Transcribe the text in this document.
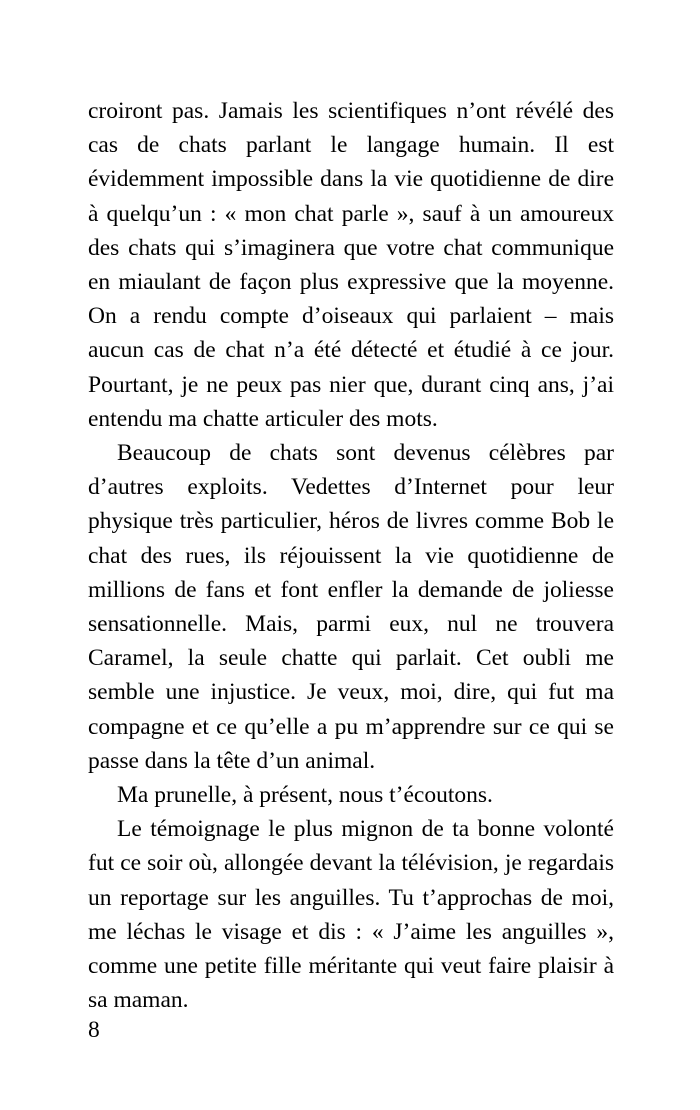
croiront pas. Jamais les scientifiques n’ont révélé des cas de chats parlant le langage humain. Il est évidemment impossible dans la vie quotidienne de dire à quelqu’un : « mon chat parle », sauf à un amoureux des chats qui s’imaginera que votre chat communique en miaulant de façon plus expressive que la moyenne. On a rendu compte d’oiseaux qui parlaient – mais aucun cas de chat n’a été détecté et étudié à ce jour. Pourtant, je ne peux pas nier que, durant cinq ans, j’ai entendu ma chatte articuler des mots.

Beaucoup de chats sont devenus célèbres par d’autres exploits. Vedettes d’Internet pour leur physique très particulier, héros de livres comme Bob le chat des rues, ils réjouissent la vie quotidienne de millions de fans et font enfler la demande de joliesse sensationnelle. Mais, parmi eux, nul ne trouvera Caramel, la seule chatte qui parlait. Cet oubli me semble une injustice. Je veux, moi, dire, qui fut ma compagne et ce qu’elle a pu m’apprendre sur ce qui se passe dans la tête d’un animal.

Ma prunelle, à présent, nous t’écoutons.

Le témoignage le plus mignon de ta bonne volonté fut ce soir où, allongée devant la télévision, je regardais un reportage sur les anguilles. Tu t’approchas de moi, me léchas le visage et dis : « J’aime les anguilles », comme une petite fille méritante qui veut faire plaisir à sa maman.

8
